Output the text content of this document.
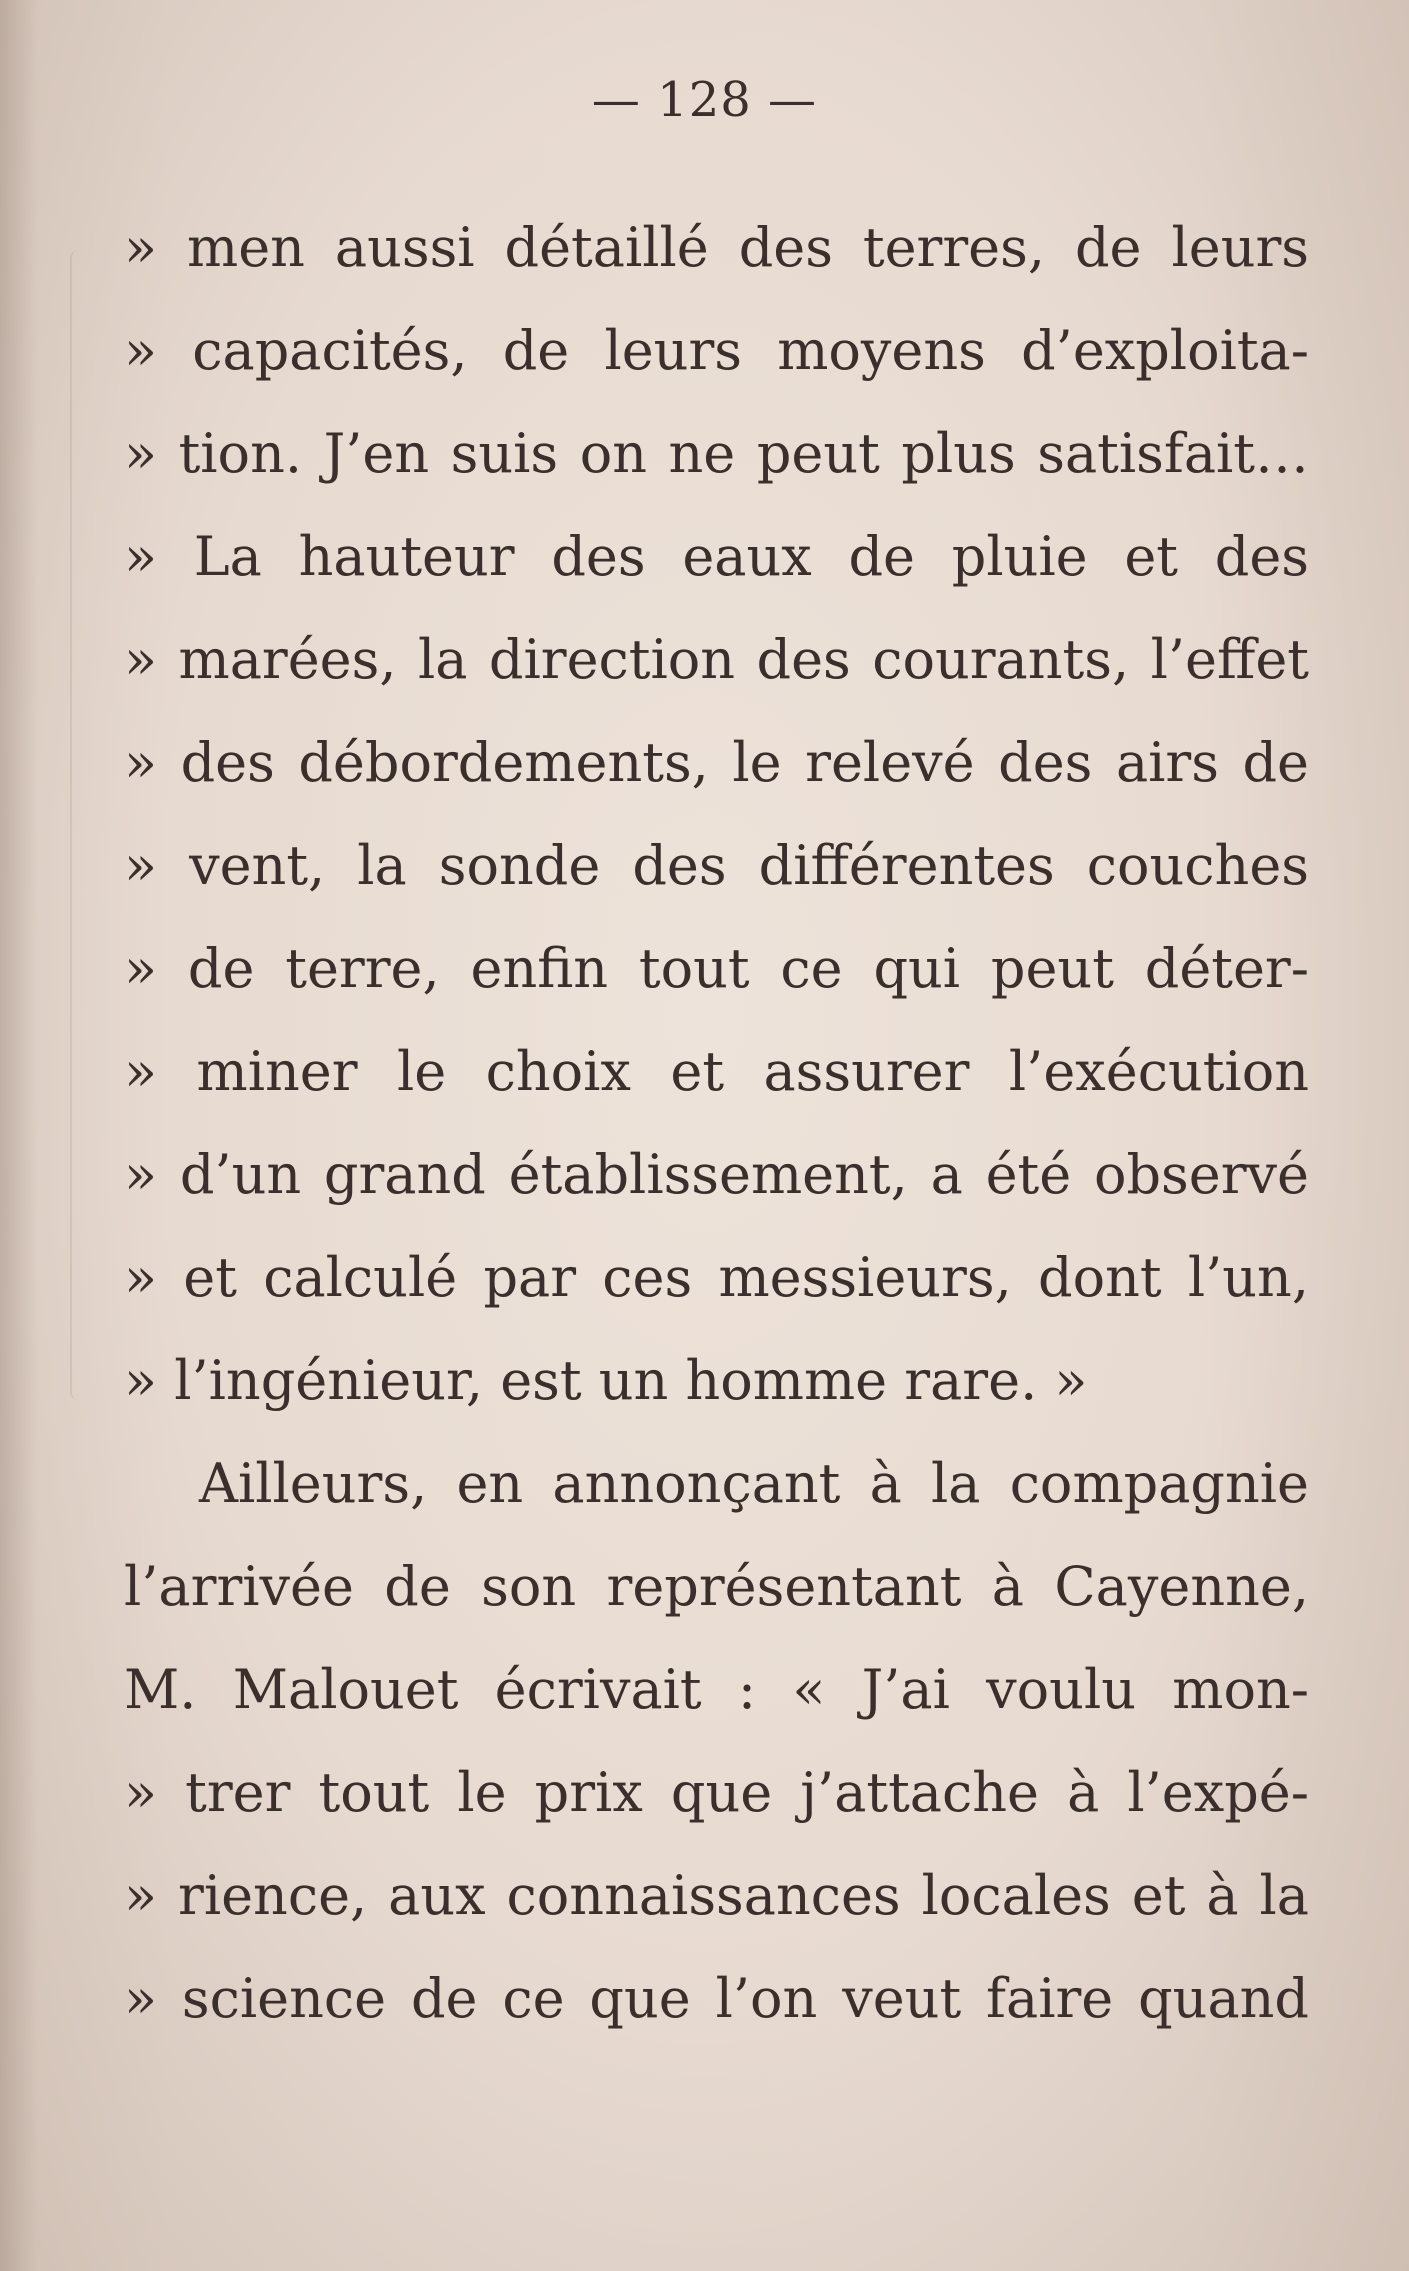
— 128 —
» men aussi détaillé des terres, de leurs
» capacités, de leurs moyens d’exploita-
» tion. J’en suis on ne peut plus satisfait…
» La hauteur des eaux de pluie et des
» marées, la direction des courants, l’effet
» des débordements, le relevé des airs de
» vent, la sonde des différentes couches
» de terre, enfin tout ce qui peut déter-
» miner le choix et assurer l’exécution
» d’un grand établissement, a été observé
» et calculé par ces messieurs, dont l’un,
» l’ingénieur, est un homme rare. »
Ailleurs, en annonçant à la compagnie
l’arrivée de son représentant à Cayenne,
M. Malouet écrivait : « J’ai voulu mon-
» trer tout le prix que j’attache à l’expé-
» rience, aux connaissances locales et à la
» science de ce que l’on veut faire quand
